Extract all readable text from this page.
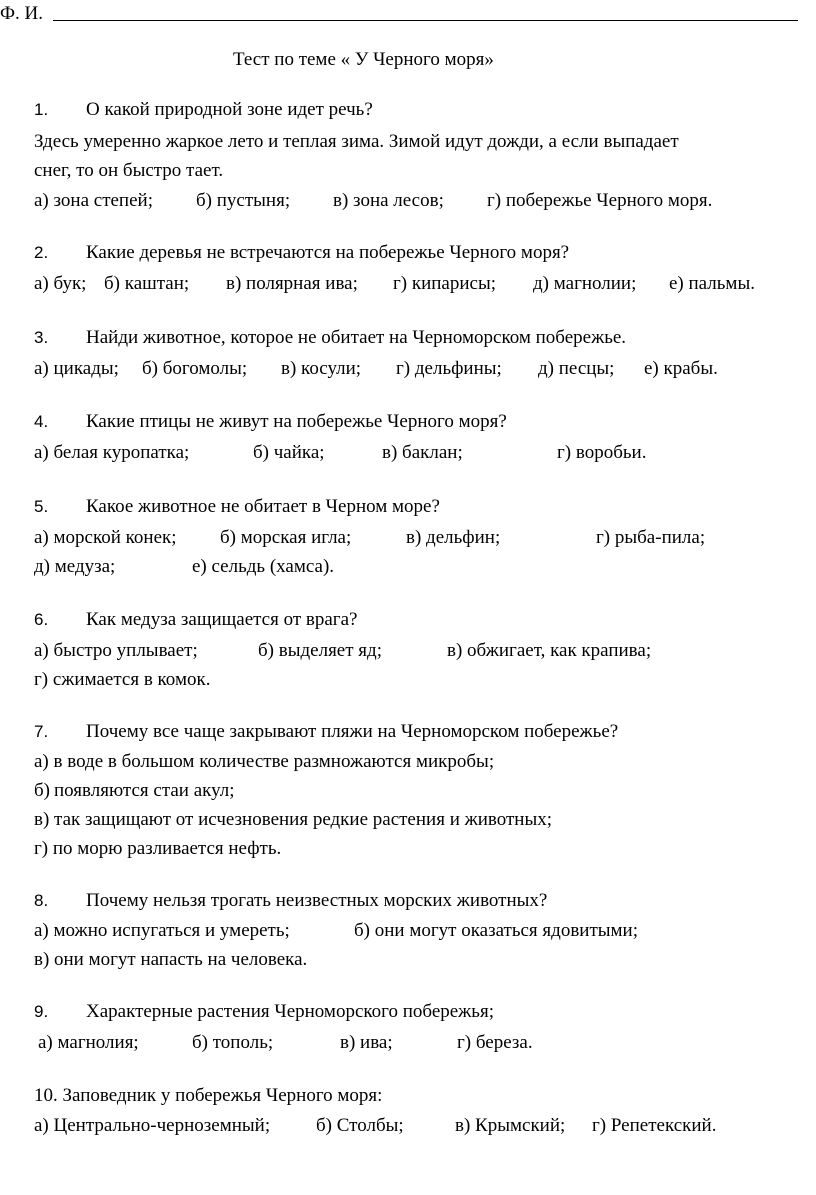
Ф. И.
Тест по теме « У Черного моря»
1. О какой природной зоне идет речь?
Здесь умеренно жаркое лето и теплая зима. Зимой идут дожди, а если выпадает
снег, то он быстро тает.
а) зона степей; б) пустыня; в) зона лесов; г) побережье Черного моря.
2. Какие деревья не встречаются на побережье Черного моря?
а) бук; б) каштан; в) полярная ива; г) кипарисы; д) магнолии; е) пальмы.
3. Найди животное, которое не обитает на Черноморском побережье.
а) цикады; б) богомолы; в) косули; г) дельфины; д) песцы; е) крабы.
4. Какие птицы не живут на побережье Черного моря?
а) белая куропатка;	б) чайка;	в) баклан;	г) воробьи.
5. Какое животное не обитает в Черном море?
а) морской конек; б) морская игла;	в) дельфин;	г) рыба-пила;
д) медуза;	е) сельдь (хамса).
6. Как медуза защищается от врага?
а) быстро уплывает;	б) выделяет яд;	в) обжигает, как крапива;
г) сжимается в комок.
7. Почему все чаще закрывают пляжи на Черноморском побережье?
а) в воде в большом количестве размножаются микробы;
б) появляются стаи акул;
в) так защищают от исчезновения редкие растения и животных;
г) по морю разливается нефть.
8. Почему нельзя трогать неизвестных морских животных?
а) можно испугаться и умереть;	б) они могут оказаться ядовитыми;
в) они могут напасть на человека.
9. Характерные растения Черноморского побережья;
а) магнолия;	б) тополь;	в) ива;	г) береза.
10. Заповедник у побережья Черного моря:
а) Центрально-черноземный; б) Столбы;	в) Крымский; г) Репетекский.
